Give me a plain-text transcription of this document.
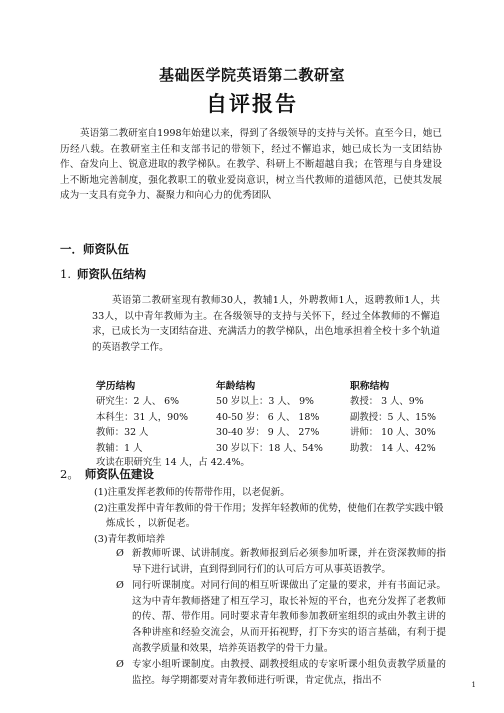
基础医学院英语第二教研室
自评报告
英语第二教研室自1998年始建以来，得到了各级领导的支持与关怀。直至今日，她已历经八载。在教研室主任和支部书记的带领下，经过不懈追求，她已成长为一支团结协作、奋发向上、锐意进取的教学梯队。在教学、科研上不断超越自我；在管理与自身建设上不断地完善制度，强化教职工的敬业爱岗意识，树立当代教师的道德风范，已使其发展成为一支具有竞争力、凝聚力和向心力的优秀团队
一．师资队伍
1. 师资队伍结构
英语第二教研室现有教师30人，教辅1人，外聘教师1人，返聘教师1人，共33人，以中青年教师为主。在各级领导的支持与关怀下，经过全体教师的不懈追求，已成长为一支团结奋进、充满活力的教学梯队，出色地承担着全校十多个轨道的英语教学工作。
学历结构
研究生：2 人、 6%
本科生：31 人，90%
教师：32 人
教辅：1 人
年龄结构
50 岁以上：3 人、 9%
40-50 岁： 6 人、 18%
30-40 岁： 9 人、 27%
30 岁以下：18 人、54%
职称结构
教授： 3 人、9%
副教授：5 人、15%
讲师： 10 人、30%
助教： 14 人、42%
攻读在职研究生 14 人，占 42.4%。
2。 师资队伍建设
(1)注重发挥老教师的传帮带作用，以老促新。
(2)注重发挥中青年教师的骨干作用；发挥年轻教师的优势，使他们在教学实践中锻炼成长 ，以新促老。
(3)青年教师培养
Ø 新教师听课、试讲制度。新教师报到后必须参加听课，并在资深教师的指导下进行试讲，直到得到同行们的认可后方可从事英语教学。
Ø 同行听课制度。对同行间的相互听课做出了定量的要求，并有书面记录。这为中青年教师搭建了相互学习，取长补短的平台，也充分发挥了老教师的传、帮、带作用。同时要求青年教师参加教研室组织的或由外教主讲的各种讲座和经验交流会，从而开拓视野，打下夯实的语言基础，有利于提高教学质量和效果，培养英语教学的骨干力量。
Ø 专家小组听课制度。由教授、副教授组成的专家听课小组负责教学质量的监控。每学期都要对青年教师进行听课，肯定优点，指出不	1
